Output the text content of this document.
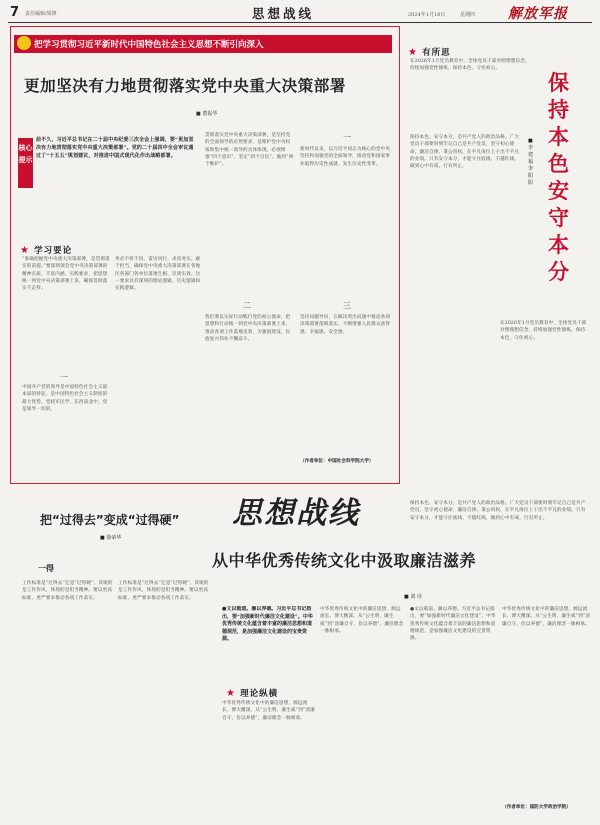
7 责任编辑/梁锋	思想战线	2024年1月18日	星期四 解放军报
把学习贯彻习近平新时代中国特色社会主义思想不断引向深入
更加坚决有力地贯彻落实党中央重大决策部署
■ 董振华
核心提示
前不久，习近平总书记在二十届中央纪委三次全会上强调，要“更加坚决有力地贯彻落实党中央重大决策部署”。党的二十届四中全会审议通过了“十五五”规划建议，对推进中国式现代化作出战略部署。
★ 学习要论
“准确把握党中央重大决策部署，是贯彻落实的前提。”要深刻领会党中央决策部署的精神实质、丰富内涵、实践要求，把思想统一到党中央决策部署上来，确保贯彻落实不走样。
一
中国共产党的领导是中国特色社会主义最本质的特征，是中国特色社会主义制度的最大优势。党政军民学，东西南北中，党是领导一切的。
务必不折不扣、雷厉风行、求真务实、敢于担当，确保党中央重大决策部署在各地区各部门各单位落地生根、见到实效。这一要求具有深刻的理论逻辑、历史逻辑和实践逻辑。
贯彻落实党中央重大决策部署，是坚持党的全面领导的必然要求，是维护党中央权威和集中统一领导的具体体现。必须增强“四个意识”、坚定“四个自信”、做到“两个维护”。
二
我们要以实际行动践行党的初心使命，把思想和行动统一到党中央决策部署上来，推动各项工作落地见效，为强国建设、民族复兴伟业不懈奋斗。
一
新时代以来，以习近平同志为核心的党中央坚持和加强党的全面领导，推动党和国家事业取得历史性成就、发生历史性变革。
三
坚持问题导向，在解决突出问题中推动各项决策部署落细落实，不断增强人民群众获得感、幸福感、安全感。
（作者单位：中国社会科学院大学）
★ 有所思
在2026年1月党员教育中，全体党员干部对照理想信念，持续加强党性锤炼，保持本色、守住初心。
保持本色 安守本分
■ 李建福 李阳阳
保持本色、安守本分，是共产党人的政治品格。广大党员干部要时刻牢记自己是共产党员，坚守初心使命，廉洁自律、秉公用权，在平凡岗位上干出不平凡的业绩。只有安守本分，才能守住底线、不越红线，做到心中有戒、行有所止。
保持本色、安守本分，是共产党人的政治品格。广大党员干部要时刻牢记自己是共产党员，坚守初心使命，廉洁自律、秉公用权，在平凡岗位上干出不平凡的业绩。只有安守本分，才能守住底线、不越红线，做到心中有戒、行有所止。
在2026年1月党员教育中，全体党员干部对照理想信念，持续加强党性锤炼，保持本色、守住初心。
把“过得去”变成“过得硬”
■ 徐荣华
一得
工作标准是“过得去”还是“过得硬”，反映的是工作作风，体现的是担当精神。要以更高标准、更严要求推动各项工作落实。
工作标准是“过得去”还是“过得硬”，反映的是工作作风，体现的是担当精神。要以更高标准、更严要求推动各项工作落实。
思想战线
从中华优秀传统文化中汲取廉洁滋养
■ 刘 诗
●文以载道。廉以养德。习近平总书记指出，要“加强新时代廉洁文化建设”。中华优秀传统文化蕴含着丰富的廉洁思想和道德规范，是加强廉洁文化建设的宝贵资源。
★ 理论纵横
中华优秀传统文化中的廉洁思想，源远流长、博大精深。从“公生明，廉生威”到“清廉自守，俭以养德”，廉洁理念一脉相承。
中华优秀传统文化中的廉洁思想，源远流长、博大精深。从“公生明，廉生威”到“清廉自守，俭以养德”，廉洁理念一脉相承。
●文以载道。廉以养德。习近平总书记指出，要“加强新时代廉洁文化建设”。中华优秀传统文化蕴含着丰富的廉洁思想和道德规范，是加强廉洁文化建设的宝贵资源。
中华优秀传统文化中的廉洁思想，源远流长、博大精深。从“公生明，廉生威”到“清廉自守，俭以养德”，廉洁理念一脉相承。
（作者单位：国防大学政治学院）
